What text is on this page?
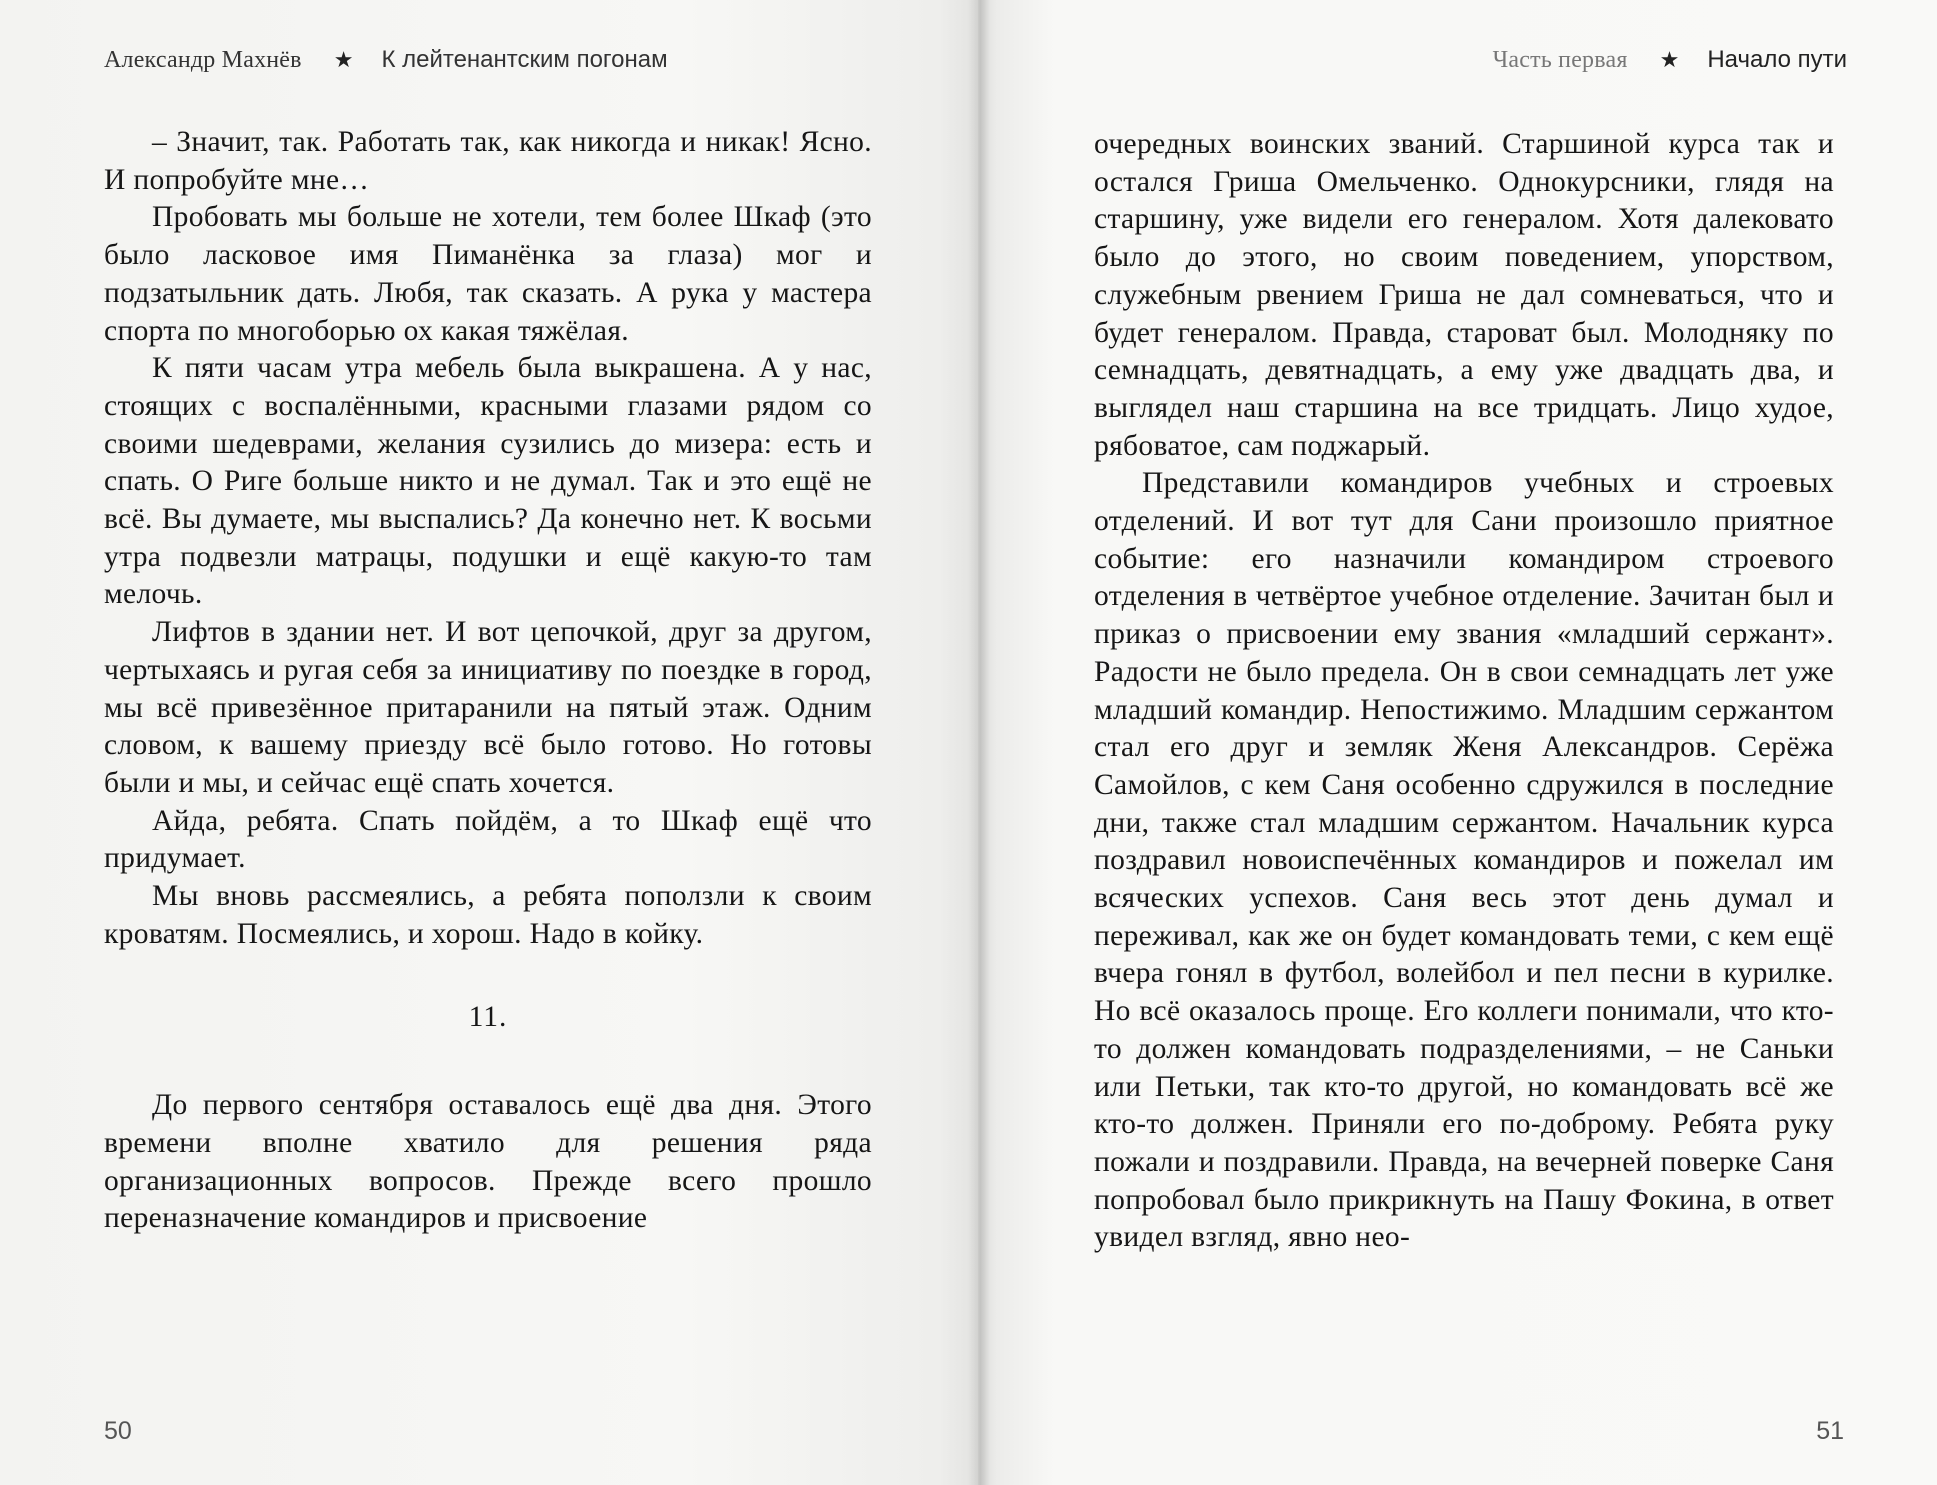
Александр Махнёв ★ К лейтенантским погонам

– Значит, так. Работать так, как никогда и никак! Ясно. И попробуйте мне…

Пробовать мы больше не хотели, тем более Шкаф (это было ласковое имя Пиманёнка за глаза) мог и подзатыльник дать. Любя, так сказать. А рука у мастера спорта по многоборью ох какая тяжёлая.

К пяти часам утра мебель была выкрашена. А у нас, стоящих с воспалёнными, красными глазами рядом со своими шедеврами, желания сузились до мизера: есть и спать. О Риге больше никто и не думал. Так и это ещё не всё. Вы думаете, мы выспались? Да конечно нет. К восьми утра подвезли матрацы, подушки и ещё какую-то там мелочь.

Лифтов в здании нет. И вот цепочкой, друг за другом, чертыхаясь и ругая себя за инициативу по поездке в город, мы всё привезённое притаранили на пятый этаж. Одним словом, к вашему приезду всё было готово. Но готовы были и мы, и сейчас ещё спать хочется.

Айда, ребята. Спать пойдём, а то Шкаф ещё что придумает.

Мы вновь рассмеялись, а ребята поползли к своим кроватям. Посмеялись, и хорош. Надо в койку.

11.

До первого сентября оставалось ещё два дня. Этого времени вполне хватило для решения ряда организационных вопросов. Прежде всего прошло переназначение командиров и присвоение

50
Часть первая ★ Начало пути

очередных воинских званий. Старшиной курса так и остался Гриша Омельченко. Однокурсники, глядя на старшину, уже видели его генералом. Хотя далековато было до этого, но своим поведением, упорством, служебным рвением Гриша не дал сомневаться, что и будет генералом. Правда, староват был. Молодняку по семнадцать, девятнадцать, а ему уже двадцать два, и выглядел наш старшина на все тридцать. Лицо худое, рябоватое, сам поджарый.

Представили командиров учебных и строевых отделений. И вот тут для Сани произошло приятное событие: его назначили командиром строевого отделения в четвёртое учебное отделение. Зачитан был и приказ о присвоении ему звания «младший сержант». Радости не было предела. Он в свои семнадцать лет уже младший командир. Непостижимо. Младшим сержантом стал его друг и земляк Женя Александров. Серёжа Самойлов, с кем Саня особенно сдружился в последние дни, также стал младшим сержантом. Начальник курса поздравил новоиспечённых командиров и пожелал им всяческих успехов. Саня весь этот день думал и переживал, как же он будет командовать теми, с кем ещё вчера гонял в футбол, волейбол и пел песни в курилке. Но всё оказалось проще. Его коллеги понимали, что кто-то должен командовать подразделениями, – не Саньки или Петьки, так кто-то другой, но командовать всё же кто-то должен. Приняли его по-доброму. Ребята руку пожали и поздравили. Правда, на вечерней поверке Саня попробовал было прикрикнуть на Пашу Фокина, в ответ увидел взгляд, явно нео-

51
